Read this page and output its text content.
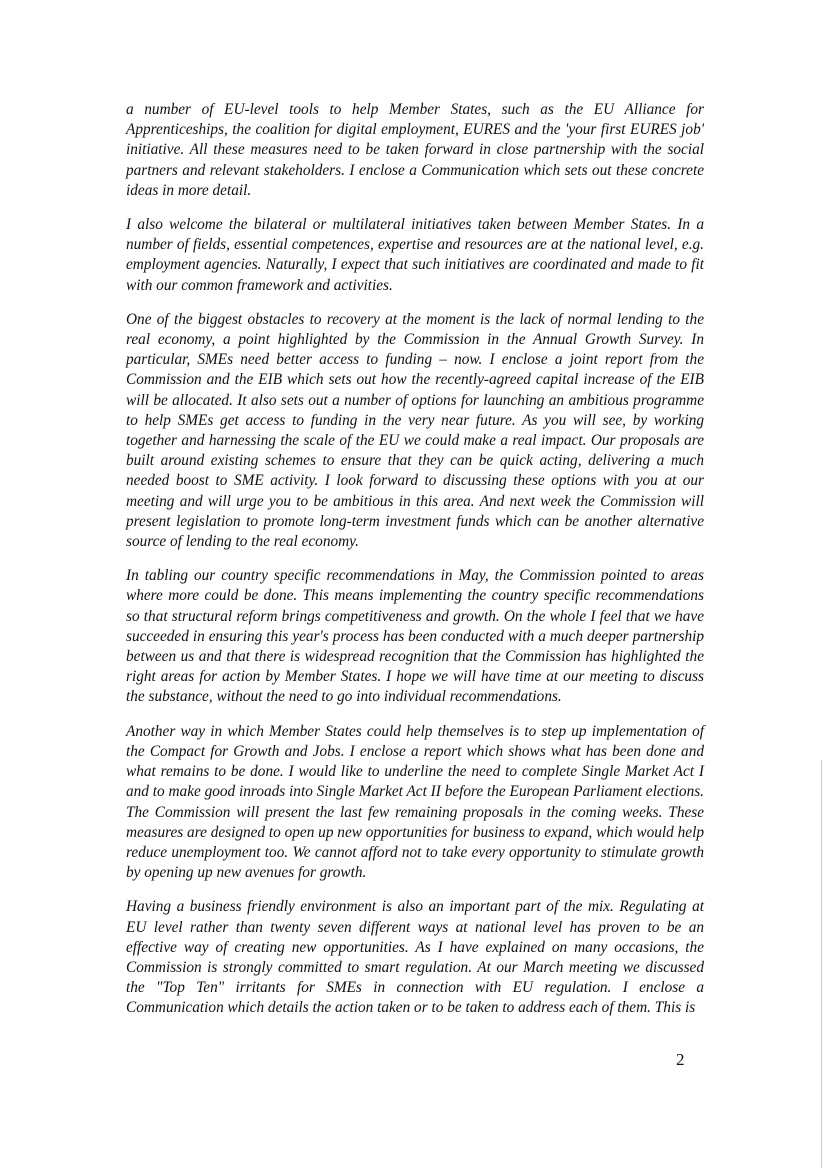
a number of EU-level tools to help Member States, such as the EU Alliance for Apprenticeships, the coalition for digital employment, EURES and the 'your first EURES job' initiative. All these measures need to be taken forward in close partnership with the social partners and relevant stakeholders. I enclose a Communication which sets out these concrete ideas in more detail.

I also welcome the bilateral or multilateral initiatives taken between Member States. In a number of fields, essential competences, expertise and resources are at the national level, e.g. employment agencies. Naturally, I expect that such initiatives are coordinated and made to fit with our common framework and activities.

One of the biggest obstacles to recovery at the moment is the lack of normal lending to the real economy, a point highlighted by the Commission in the Annual Growth Survey. In particular, SMEs need better access to funding – now. I enclose a joint report from the Commission and the EIB which sets out how the recently-agreed capital increase of the EIB will be allocated. It also sets out a number of options for launching an ambitious programme to help SMEs get access to funding in the very near future. As you will see, by working together and harnessing the scale of the EU we could make a real impact. Our proposals are built around existing schemes to ensure that they can be quick acting, delivering a much needed boost to SME activity. I look forward to discussing these options with you at our meeting and will urge you to be ambitious in this area. And next week the Commission will present legislation to promote long-term investment funds which can be another alternative source of lending to the real economy.

In tabling our country specific recommendations in May, the Commission pointed to areas where more could be done. This means implementing the country specific recommendations so that structural reform brings competitiveness and growth. On the whole I feel that we have succeeded in ensuring this year's process has been conducted with a much deeper partnership between us and that there is widespread recognition that the Commission has highlighted the right areas for action by Member States. I hope we will have time at our meeting to discuss the substance, without the need to go into individual recommendations.

Another way in which Member States could help themselves is to step up implementation of the Compact for Growth and Jobs. I enclose a report which shows what has been done and what remains to be done. I would like to underline the need to complete Single Market Act I and to make good inroads into Single Market Act II before the European Parliament elections. The Commission will present the last few remaining proposals in the coming weeks. These measures are designed to open up new opportunities for business to expand, which would help reduce unemployment too. We cannot afford not to take every opportunity to stimulate growth by opening up new avenues for growth.

Having a business friendly environment is also an important part of the mix. Regulating at EU level rather than twenty seven different ways at national level has proven to be an effective way of creating new opportunities. As I have explained on many occasions, the Commission is strongly committed to smart regulation. At our March meeting we discussed the "Top Ten" irritants for SMEs in connection with EU regulation. I enclose a Communication which details the action taken or to be taken to address each of them. This is

2
